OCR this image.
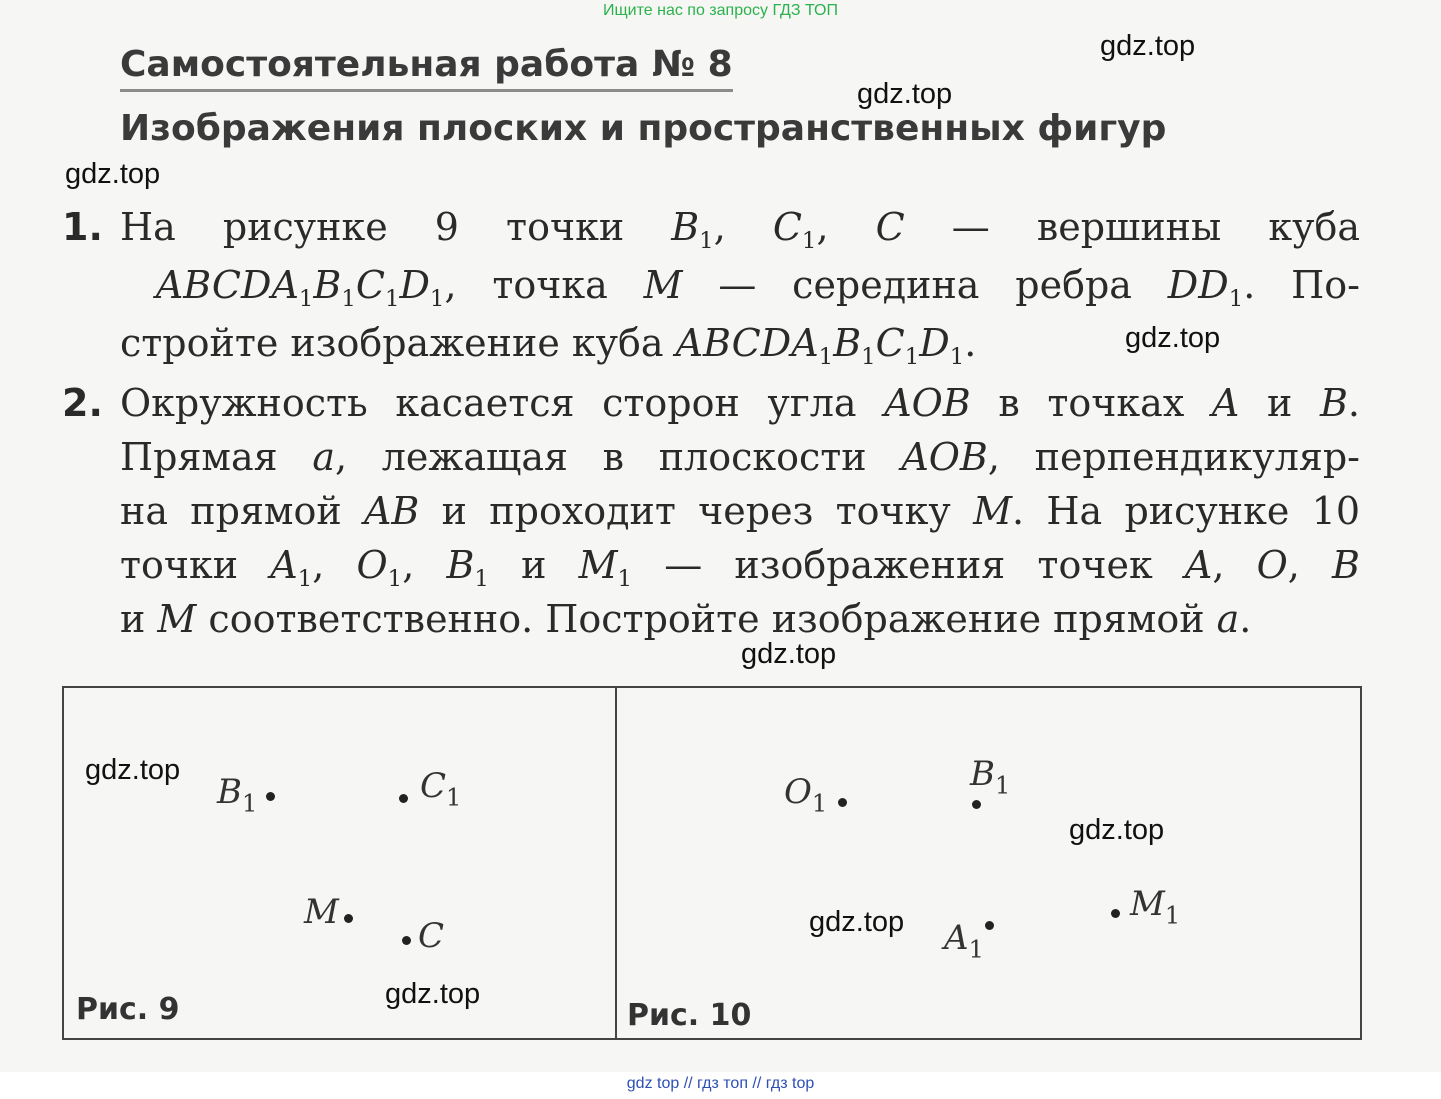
Ищите нас по запросу ГДЗ ТОП
Самостоятельная работа № 8
Изображения плоских и пространственных фигур
1. На рисунке 9 точки $B_1$, $C_1$, C — вершины куба
$ABCDA_1B_1C_1D_1$, точка M — середина ребра $DD_1$. По-
стройте изображение куба $ABCDA_1B_1C_1D_1$.
2. Окружность касается сторон угла AOB в точках A и B.
Прямая a, лежащая в плоскости AOB, перпендикуляр-
на прямой AB и проходит через точку M. На рисунке 10
точки $A_1$, $O_1$, $B_1$ и $M_1$ — изображения точек A, O, B
и M соответственно. Постройте изображение прямой a.
$B_1$	$C_1$
M
C
Рис. 9
$O_1$
$B_1$
$A_1$
$M_1$
Рис. 10
gdz.top
gdz.top
gdz.top
gdz.top
gdz.top
gdz.top
gdz.top
gdz.top
gdz.top
gdz top // гдз топ // гдз top
